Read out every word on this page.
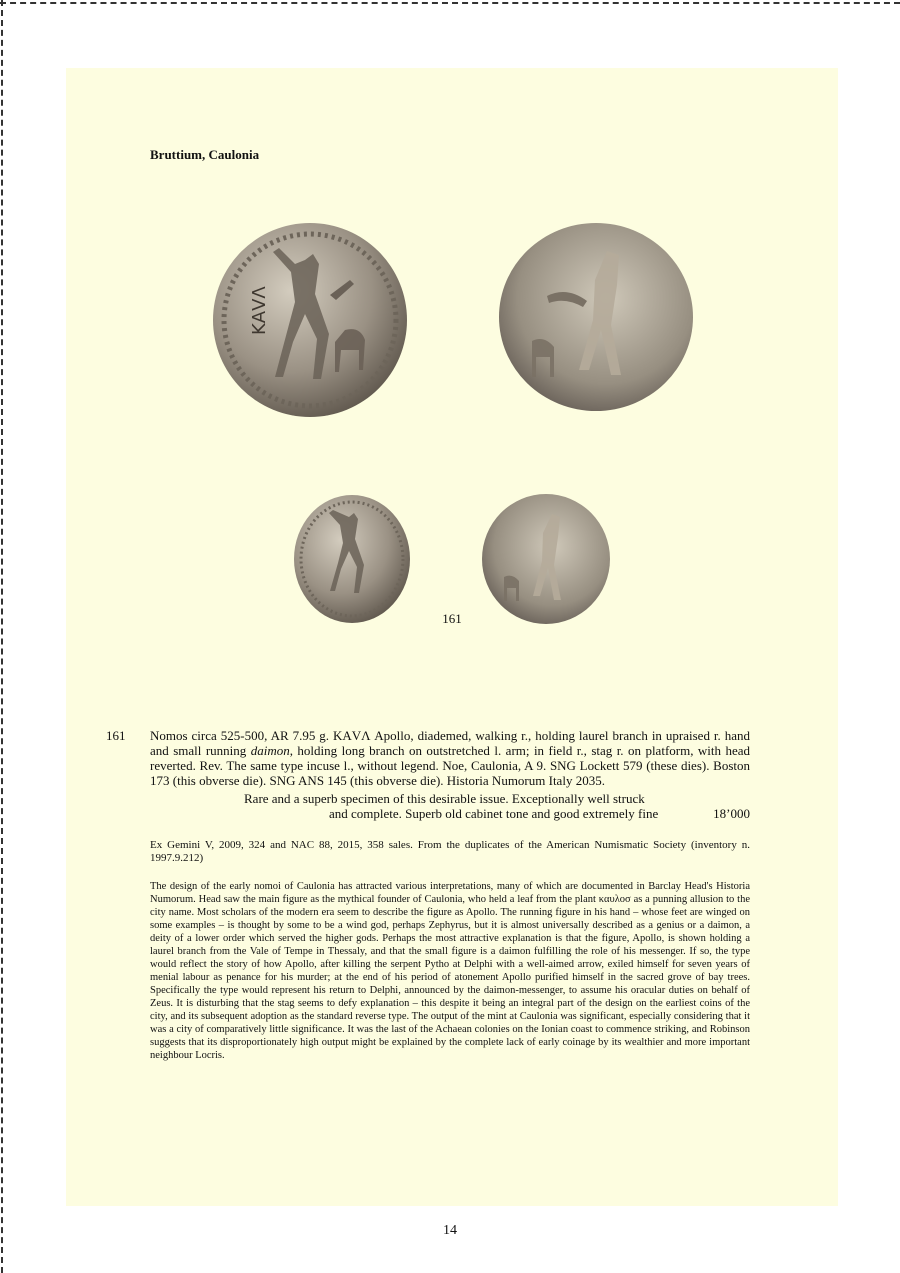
Bruttium, Caulonia
ΚΑVΛ
161
161 Nomos circa 525-500, AR 7.95 g. ΚΑVΛ Apollo, diademed, walking r., holding laurel branch in upraised r. hand and small running daimon, holding long branch on outstretched l. arm; in field r., stag r. on platform, with head reverted. Rev. The same type incuse l., without legend. Noe, Caulonia, A 9. SNG Lockett 579 (these dies). Boston 173 (this obverse die). SNG ANS 145 (this obverse die). Historia Numorum Italy 2035.

Rare and a superb specimen of this desirable issue. Exceptionally well struck
and complete. Superb old cabinet tone and good extremely fine	18’000

Ex Gemini V, 2009, 324 and NAC 88, 2015, 358 sales. From the duplicates of the American Numismatic Society (inventory n. 1997.9.212)

The design of the early nomoi of Caulonia has attracted various interpretations, many of which are documented in Barclay Head's Historia Numorum. Head saw the main figure as the mythical founder of Caulonia, who held a leaf from the plant καυλοσ as a punning allusion to the city name. Most scholars of the modern era seem to describe the figure as Apollo. The running figure in his hand – whose feet are winged on some examples – is thought by some to be a wind god, perhaps Zephyrus, but it is almost universally described as a genius or a daimon, a deity of a lower order which served the higher gods. Perhaps the most attractive explanation is that the figure, Apollo, is shown holding a laurel branch from the Vale of Tempe in Thessaly, and that the small figure is a daimon fulfilling the role of his messenger. If so, the type would reflect the story of how Apollo, after killing the serpent Pytho at Delphi with a well-aimed arrow, exiled himself for seven years of menial labour as penance for his murder; at the end of his period of atonement Apollo purified himself in the sacred grove of bay trees. Specifically the type would represent his return to Delphi, announced by the daimon-messenger, to assume his oracular duties on behalf of Zeus. It is disturbing that the stag seems to defy explanation – this despite it being an integral part of the design on the earliest coins of the city, and its subsequent adoption as the standard reverse type. The output of the mint at Caulonia was significant, especially considering that it was a city of comparatively little significance. It was the last of the Achaean colonies on the Ionian coast to commence striking, and Robinson suggests that its disproportionately high output might be explained by the complete lack of early coinage by its wealthier and more important neighbour Locris.

14
